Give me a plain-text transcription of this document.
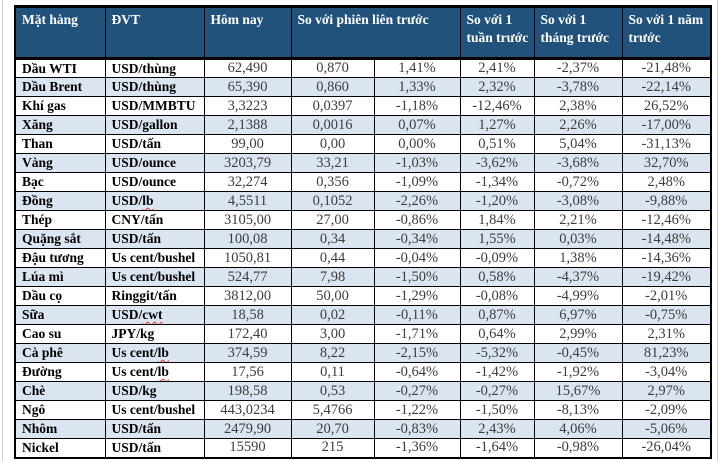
Mặt hàng	ĐVT	Hôm nay	So với phiên liên trước		So với 1 tuần trước	So với 1 tháng trước	So với 1 năm trước
Dầu WTI	USD/thùng	62,490	0,870	1,41%	2,41%	-2,37%	-21,48%
Dầu Brent	USD/thùng	65,390	0,860	1,33%	2,32%	-3,78%	-22,14%
Khí gas	USD/MMBTU	3,3223	0,0397	-1,18%	-12,46%	2,38%	26,52%
Xăng	USD/gallon	2,1388	0,0016	0,07%	1,27%	2,26%	-17,00%
Than	USD/tấn	99,00	0,00	0,00%	0,51%	5,04%	-31,13%
Vàng	USD/ounce	3203,79	33,21	-1,03%	-3,62%	-3,68%	32,70%
Bạc	USD/ounce	32,274	0,356	-1,09%	-1,34%	-0,72%	2,48%
Đồng	USD/lb	4,5511	0,1052	-2,26%	-1,20%	-3,08%	-9,88%
Thép	CNY/tấn	3105,00	27,00	-0,86%	1,84%	2,21%	-12,46%
Quặng sắt	USD/tấn	100,08	0,34	-0,34%	1,55%	0,03%	-14,48%
Đậu tương	Us cent/bushel	1050,81	0,44	-0,04%	-0,09%	1,38%	-14,36%
Lúa mì	Us cent/bushel	524,77	7,98	-1,50%	0,58%	-4,37%	-19,42%
Dầu cọ	Ringgit/tấn	3812,00	50,00	-1,29%	-0,08%	-4,99%	-2,01%
Sữa	USD/cwt	18,58	0,02	-0,11%	0,87%	6,97%	-0,75%
Cao su	JPY/kg	172,40	3,00	-1,71%	0,64%	2,99%	2,31%
Cà phê	Us cent/lb	374,59	8,22	-2,15%	-5,32%	-0,45%	81,23%
Đường	Us cent/lb	17,56	0,11	-0,64%	-1,42%	-1,92%	-3,04%
Chè	USD/kg	198,58	0,53	-0,27%	-0,27%	15,67%	2,97%
Ngô	Us cent/bushel	443,0234	5,4766	-1,22%	-1,50%	-8,13%	-2,09%
Nhôm	USD/tấn	2479,90	20,70	-0,83%	2,43%	4,06%	-5,06%
Nickel	USD/tấn	15590	215	-1,36%	-1,64%	-0,98%	-26,04%
